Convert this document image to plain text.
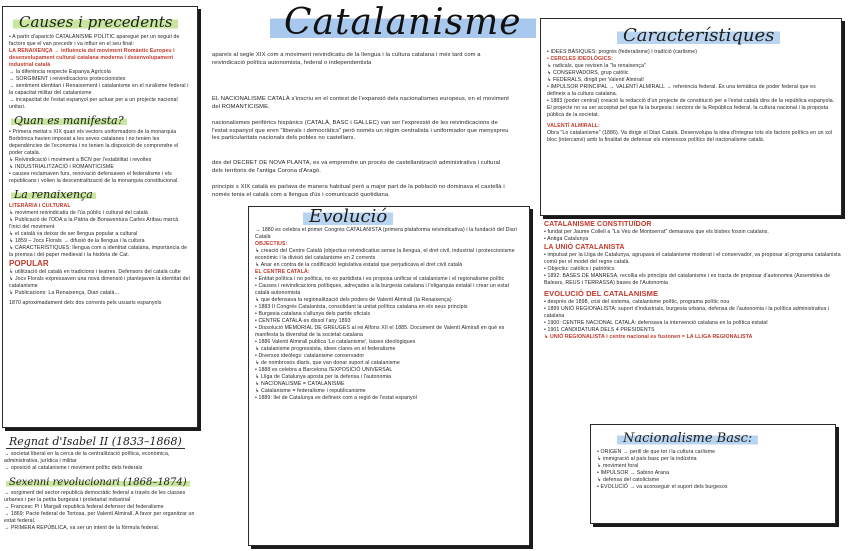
Catalanisme

apareix al segle XIX com a moviment reivindicatiu de la llengua i la cultura catalana i més tard com a reivindicació política autonomista, federal o independentista

EL NACIONALISME CATALÀ s'inscriu en el context de l'expansió dels nacionalismes europeus, en el moviment del ROMANTICISME.

nacionalismes perifèrics hispànics (CATALÀ, BASC i GALLEC) van ser l'expressió de les reivindicacions de l'estat espanyol que eren "liberals i democràtics" però només un règim centralista i uniformador que menyspreu les particularitats nacionals dels pobles no castellans.

des del DECRET DE NOVA PLANTA, es va emprendre un procés de castellanització administrativa i cultural dels territoris de l'antiga Corona d'Aragó.

principis s XIX català es parlava de manera habitual però a major part de la població no dominava el castellà i només tenia el català com a llengua d'ús i comunicació quotidiana.

Causes i precedents

• A partir d'aparició CATALANISME POLÍTIC aparegué per un seguit de factors que el van precedir i va influir en el seu final:

LA RENAIXENÇA → influència del moviment Romàntic Europeu i desenvolupament cultural catalana moderna i desenvolupament industrial català

→ la diferència respecte Espanya Agrícola

→ SORGIMENT i reivindicacions proteccionistes

→ sentiment identitari i Renaixement i catalanisme en el ruralisme federal i la capacitat militar del catalanisme

→ incapacitat de l'estat espanyol per actuar per a un projecte nacional unitari.

Quan es manifesta?

• Primera meitat s XIX quan els vectors uniformadors de la monarquia Borbònica havien imposat a les seves catalanes i no tenien les dependències de l'economia i no tenien la disposició de comprendre el poder català.

↳ Reivindicació i moviment a BCN per l'estabilitat i revoltes

↳ INDUSTRIALITZACIÓ i ROMANTICISME

• causes reclamaven furs, renovació defensaven el federalisme i els republicans i volien la descentralització de la monarquia constitucional.

La renaixença

LITERÀRIA i CULTURAL

↳ moviment reivindicatiu de l'ús públic i cultural del català

↳ Publicació de l'ODA a la Pàtria de Bonaventura Carles Aribau marcà l'inici del moviment

↳ el català va deixar de ser llengua popular a cultural

↳ 1859 – Jocs Florals → difusió de la llengua i la cultura

↳ CARACTERÍSTIQUES: llengua com a identitat catalana, importància de la premsa i del paper medieval i la història de Cat.

POPULAR

↳ utilització del català en tradicions i teatres. Defensors del català culte

↳ Jocs Florals expressaven una nova dimensió i plantejaven la identitat del catalanisme

↳ Publicacions: La Renaixença, Diari català...

1870 aproximadament dels dos corrents pels usuaris espanyols

Regnat d'Isabel II (1833–1868)

→ societat liberal en la cerca de la centralització política, econòmica, administrativa, jurídica i militar

→ oposició al catalanisme i moviment polític dels federals

Sexenni revolucionari (1868–1874)

→ sorgiment del sector republicà democràtic federal a través de les classes urbanes i per la petita burgesia i proletariat industrial

→ Francesc Pi i Margall republicà federal defensor del federalisme

→ 1869: Pacte federal de Tortosa, per Valentí Almirall. A favor per organitzar un estat federal.

→ PRIMERA REPÚBLICA, va ser un intent de la fórmula federal.

Evolució

→ 1880 es celebra el primer Congrés CATALANISTA (primera plataforma reivindicativa) i la fundació del Diari Català

OBJECTIUS:

↳ creació del Centre Català (objectius reivindicatius sense la llengua, el dret civil, industrial i proteccionisme econòmic i la divisió del catalanisme en 2 corrents

↳ Anar en contra de la codificació legislativa estatal que perjudicava el dret civil català

EL CENTRE CATALÀ:

• Entitat política i no política, no es partidista i es proposa unificar el catalanisme i el regionalisme polític

• Causes i reivindicacions polítiques, adreçades a la burgesia catalana i l'oligarquia estatal i crear un estat català autonomista

↳ que defensava la regionalització dels poders de Valentí Almirall (la Renaixença)

• 1883 II Congrés Catalanista, consolidant la unitat política catalana en els seus principis

• Burgesia catalana s'allunya dels partits oficials

• CENTRE CATALÀ es dissol l'any 1893

• Dissolució MEMORIAL DE GREUGES al rei Alfons XII el 1885. Document de Valentí Almirall en què es manifesta la diversitat de la societat catalana

• 1886 Valentí Almirall publica 'Lo catalanisme', bases ideològiques

↳ catalanisme progressista, idees clares en el federalisme

• Diversos ideòlegs: catalanisme conservador

↳ de nombrosos diaris, que van donar suport al catalanisme

• 1888 es celebra a Barcelona l'EXPOSICIÓ UNIVERSAL

↳ Lliga de Catalunya aposta per la defensa i l'autonomia

↳ NACIONALISME = CATALANISME

↳ Catalanisme = federalisme i republicanisme

• 1889: llei de Catalunya es defineix com a regió de l'estat espanyol

Característiques

• IDEES BÀSIQUES: progrés (federalisme) i tradició (carlisme)

• CERCLES IDEOLÒGICS:

↳ radicals, que revisen la "la renaixença"

↳ CONSERVADORS, grup catòlic

↳ FEDERALS, dirigit per Valentí Almirall

• IMPULSOR PRINCIPAL → VALENTÍ ALMIRALL → referència federal. És una temàtica de poder federal que es defineix a la cultura catalana.

• 1883 (poder central) creació la redacció d'un projecte de constitució per a l'estat català dins de la república espanyola. El projecte no va ser acceptat pel que fa la burgesia i sectors de la República federal, la cultura nacional i la proposta pública de la societat.

VALENTÍ ALMIRALL:

Obra "Lo catalanisme" (1886). Va dirigir el Diari Català. Desenvolupa la idea d'integrar tots els factors polítics en un sol bloc (intercanvi) amb la finalitat de defensar els interessos polítics del nacionalisme català.

CATALANISME CONSTITUÏDOR

• fundat per Jaume Collell a "La Veu de Montserrat" demanava que els bisbes fossin catalans.

• Antiga Catalunya

LA UNIÓ CATALANISTA

• impulsat per la Lliga de Catalunya, agrupava el catalanisme moderat i el conservador, va proposar al programa catalanista comú per el model del regne català.

• Objectiu: catòlics i patriòtics

• 1892: BASES DE MANRESA, recollia els principis del catalanisme i es tracta de proposar d'autonomia (Assemblea de Balears, REUS i TERRASSA) bases de l'Autonomia

EVOLUCIÓ DEL CATALANISME

• després de 1898, crisi del sistema, catalanisme polític, programa polític nou

• 1899 UNIÓ REGIONALISTA: suport d'industrials, burgesia urbana, defensa de l'autonomia i la política administrativa i catalana

• 1900: CENTRE NACIONAL CATALÀ: defensava la intervenció catalana en la política estatal

• 1901 CANDIDATURA DELS 4 PRESIDENTS

↳ UNIÓ REGIONALISTA i centre nacional es fusionen = LA LLIGA REGIONALISTA

Nacionalisme Basc:

• ORIGEN → perill de que tot i la cultura carlisme

↳ immigració al país basc per la indústria

↳ moviment foral

• IMPULSOR → Sabino Arana

↳ defensa del catolicisme

• EVOLUCIÓ → va aconseguir el suport dels burgesos
